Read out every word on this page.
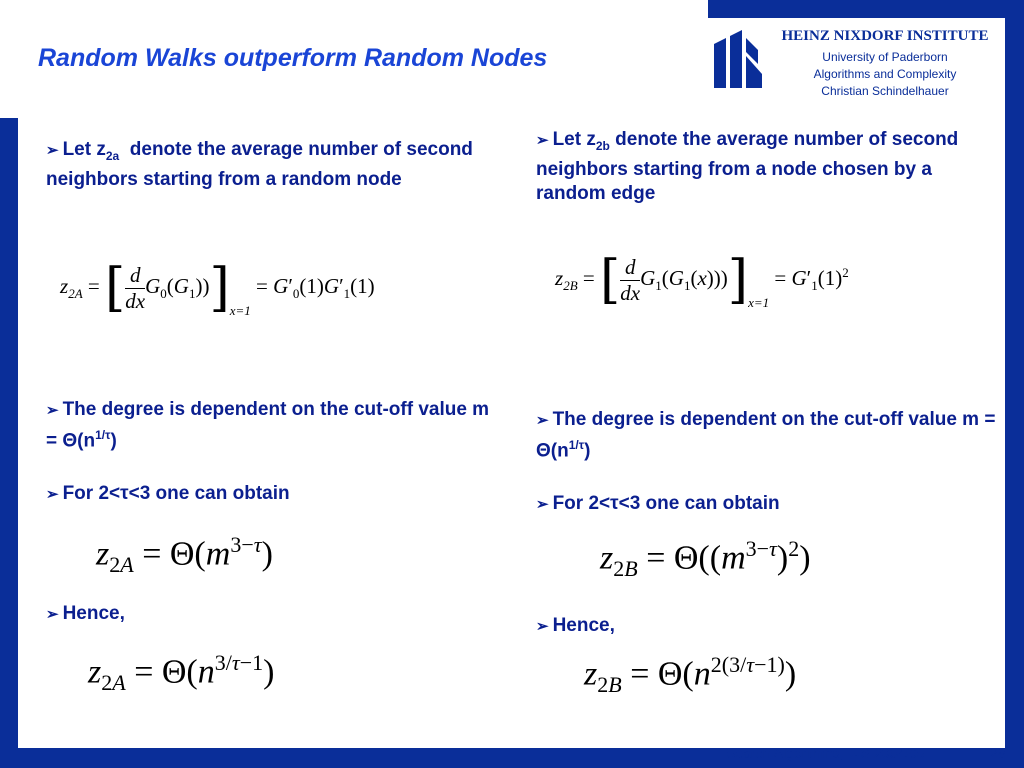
Random Walks outperform Random Nodes
HEINZ NIXDORF INSTITUTE
University of Paderborn
Algorithms and Complexity
Christian Schindelhauer
➢ Let $z_{2a}$ denote the average number of second neighbors starting from a random node
$z_{2A}$ = [ $\frac{d}{dx} G_0(G_1))]_{x=1} = G'_0(1)G'_1(1)$
➢ The degree is dependent on the cut-off value $m = \Theta(n^{1/\tau})$
➢ For 2<τ<3 one can obtain
$z_{2A} = \Theta(m^{3-\tau})$
➢ Hence,
$z_{2A} = \Theta(n^{3/\tau-1})$
➢ Let $z_{2b}$ denote the average number of second neighbors starting from a node chosen by a random edge
$z_{2B}$ = [ $\frac{d}{dx} G_1(G_1(x)))]_{x=1} = G'_1(1)^2$
➢ The degree is dependent on the cut-off value $m = \Theta(n^{1/\tau})$
➢ For 2<τ<3 one can obtain
$z_{2B} = \Theta((m^{3-\tau})^2)$
➢ Hence,
$z_{2B} = \Theta(n^{2(3/\tau-1)})$
Search Algorithms, WS 2004/05	28
